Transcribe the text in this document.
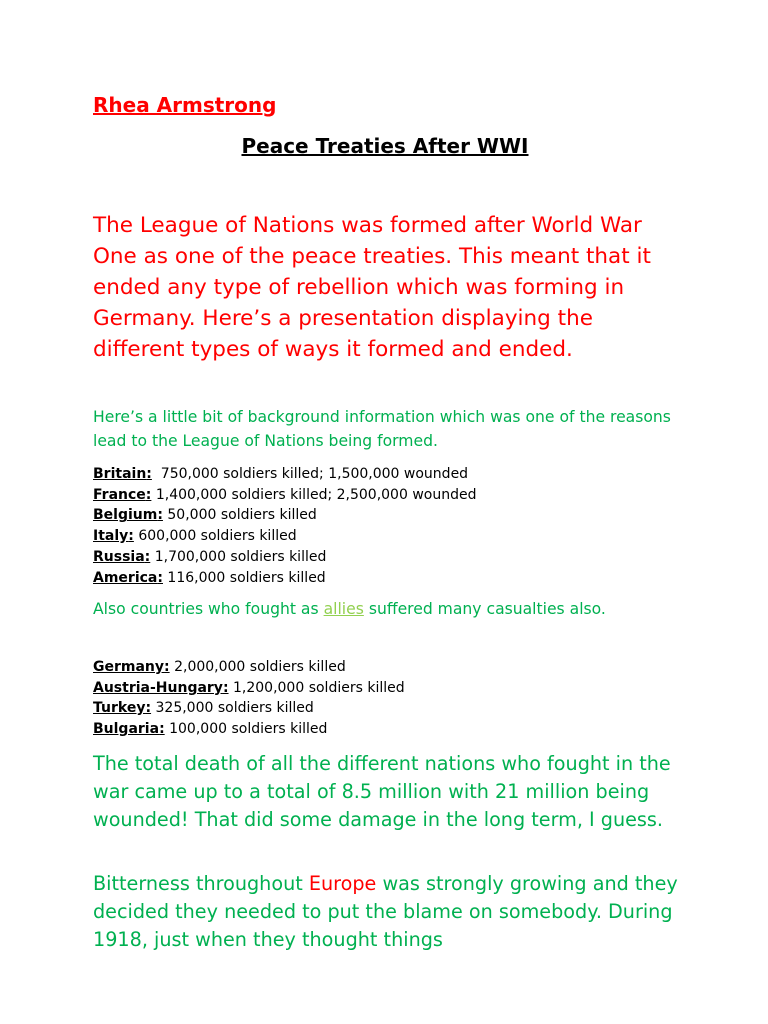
Rhea Armstrong
Peace Treaties After WWI

The League of Nations was formed after World War One as one of the peace treaties. This meant that it ended any type of rebellion which was forming in Germany. Here’s a presentation displaying the different types of ways it formed and ended.

Here’s a little bit of background information which was one of the reasons lead to the League of Nations being formed.

Britain:  750,000 soldiers killed; 1,500,000 wounded
France: 1,400,000 soldiers killed; 2,500,000 wounded
Belgium: 50,000 soldiers killed
Italy: 600,000 soldiers killed
Russia: 1,700,000 soldiers killed
America: 116,000 soldiers killed

Also countries who fought as allies suffered many casualties also.

Germany: 2,000,000 soldiers killed
Austria-Hungary: 1,200,000 soldiers killed
Turkey: 325,000 soldiers killed
Bulgaria: 100,000 soldiers killed

The total death of all the different nations who fought in the war came up to a total of 8.5 million with 21 million being wounded! That did some damage in the long term, I guess.

Bitterness throughout Europe was strongly growing and they decided they needed to put the blame on somebody. During 1918, just when they thought things
